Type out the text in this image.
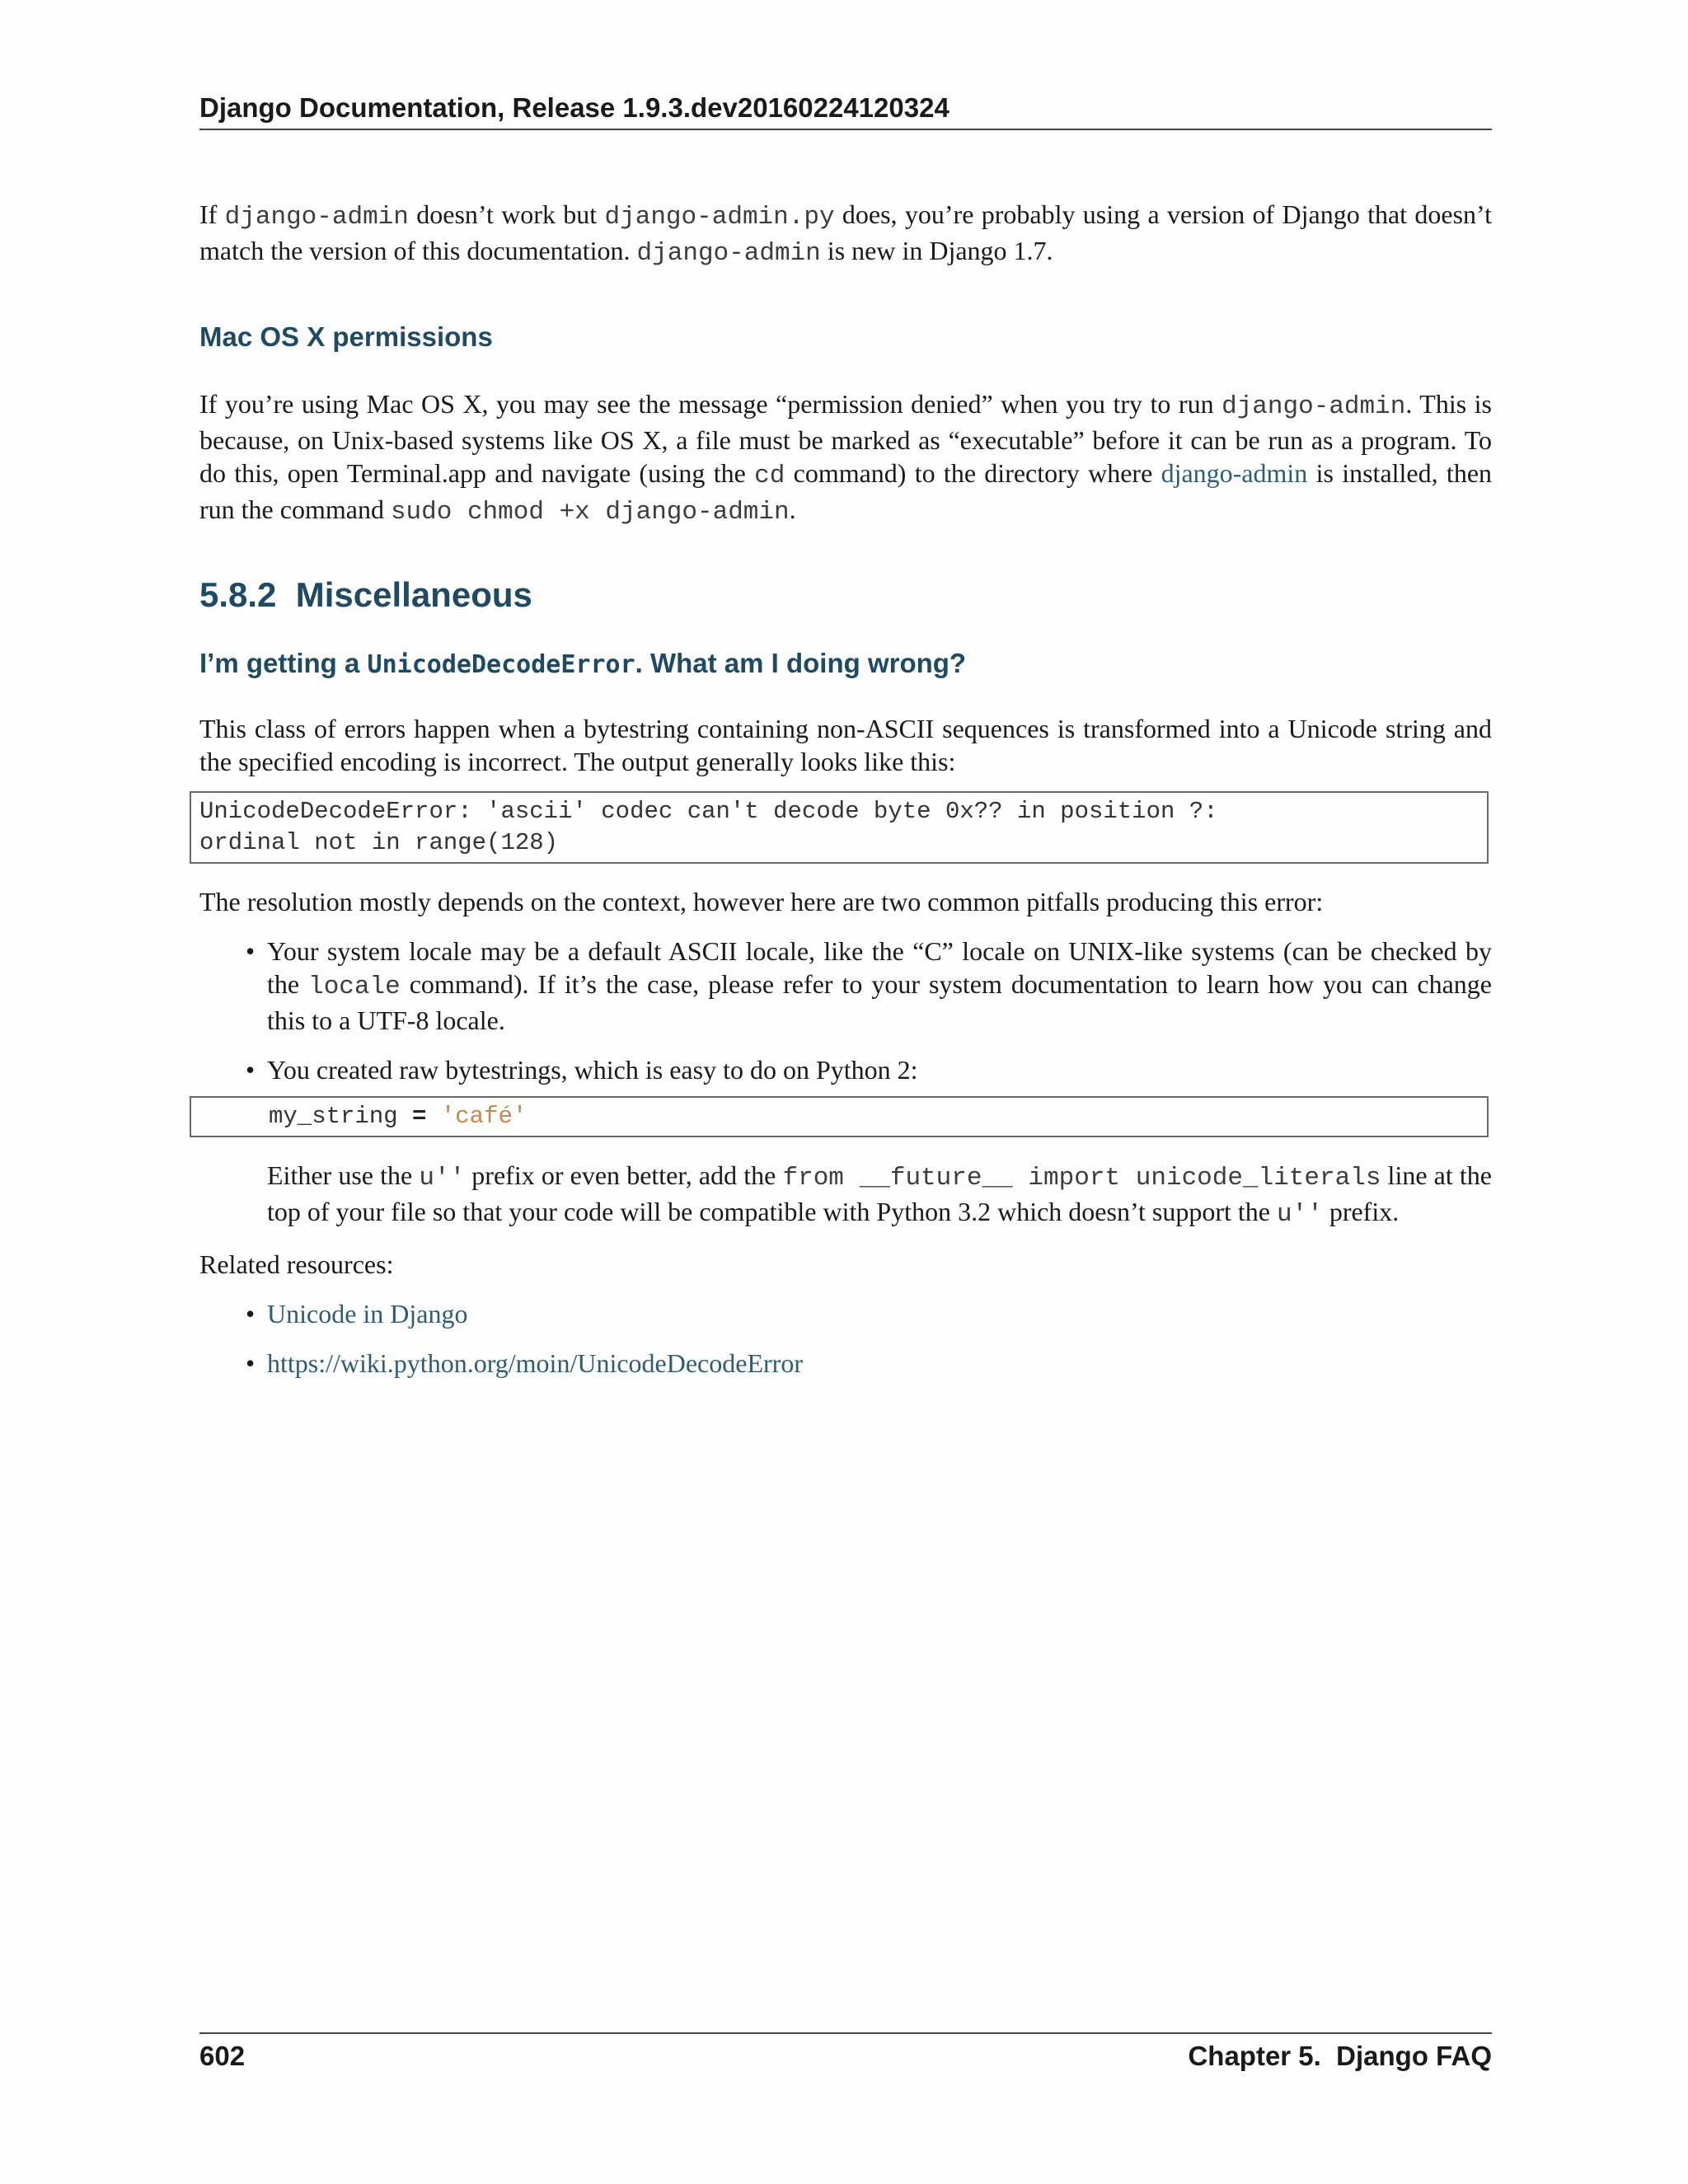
Django Documentation, Release 1.9.3.dev20160224120324

If django-admin doesn’t work but django-admin.py does, you’re probably using a version of Django that doesn’t match the version of this documentation. django-admin is new in Django 1.7.

Mac OS X permissions

If you’re using Mac OS X, you may see the message “permission denied” when you try to run django-admin. This is because, on Unix-based systems like OS X, a file must be marked as “executable” before it can be run as a program. To do this, open Terminal.app and navigate (using the cd command) to the directory where django-admin is installed, then run the command sudo chmod +x django-admin.

5.8.2  Miscellaneous
I’m getting a UnicodeDecodeError. What am I doing wrong?

This class of errors happen when a bytestring containing non-ASCII sequences is transformed into a Unicode string and the specified encoding is incorrect. The output generally looks like this:

UnicodeDecodeError: 'ascii' codec can't decode byte 0x?? in position ?:
ordinal not in range(128)

The resolution mostly depends on the context, however here are two common pitfalls producing this error:

• Your system locale may be a default ASCII locale, like the “C” locale on UNIX-like systems (can be checked by the locale command). If it’s the case, please refer to your system documentation to learn how you can change this to a UTF-8 locale.
• You created raw bytestrings, which is easy to do on Python 2:
my_string = 'café'

Either use the u'' prefix or even better, add the from __future__ import unicode_literals line at the top of your file so that your code will be compatible with Python 3.2 which doesn’t support the u'' prefix.

Related resources:

• Unicode in Django
• https://wiki.python.org/moin/UnicodeDecodeError
602	Chapter 5.  Django FAQ
